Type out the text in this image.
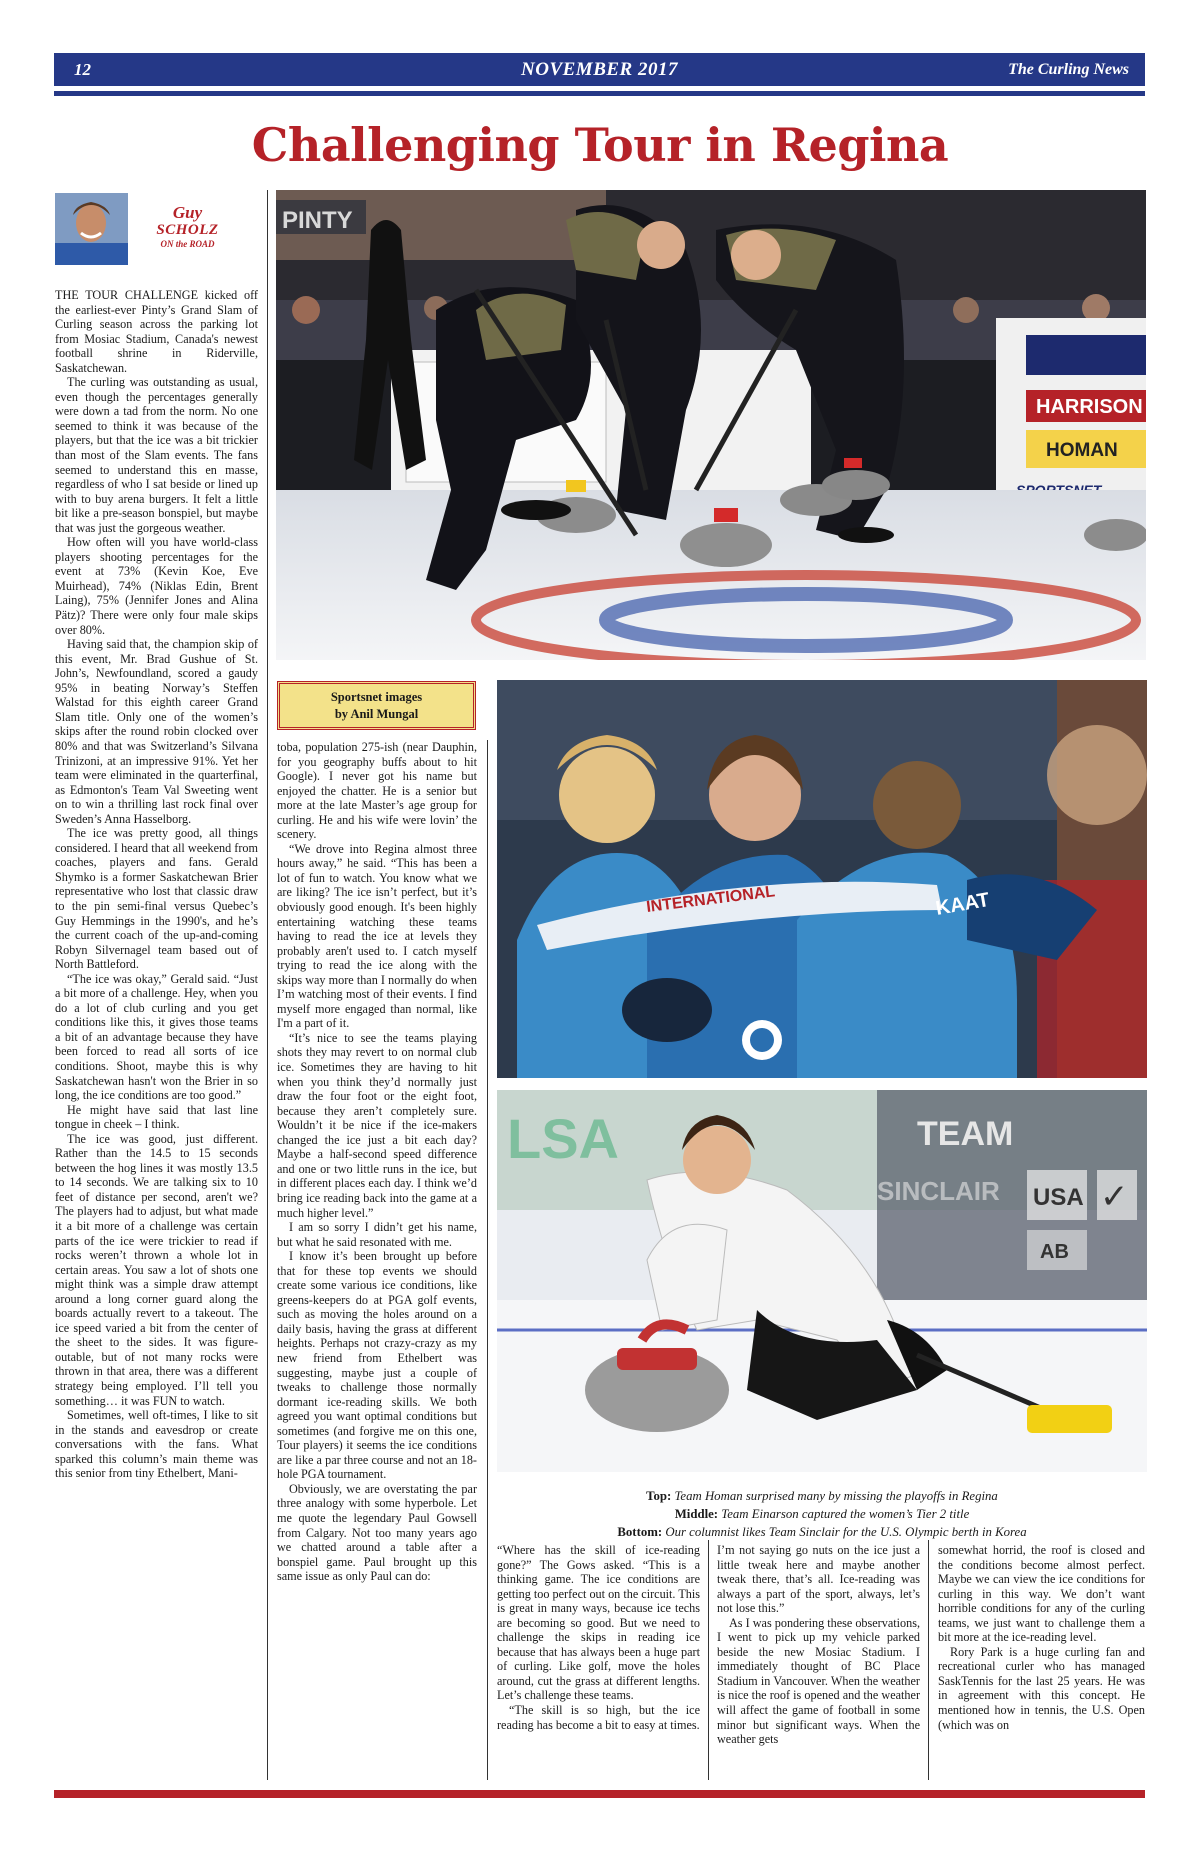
12	NOVEMBER 2017	The Curling News
Challenging Tour in Regina
Guy
SCHOLZ
ON the ROAD

THE TOUR CHALLENGE kicked off the earliest-ever Pinty’s Grand Slam of Curling season across the parking lot from Mosiac Stadium, Canada's newest football shrine in Riderville, Saskatchewan.

The curling was outstanding as usual, even though the percentages generally were down a tad from the norm. No one seemed to think it was because of the players, but that the ice was a bit trickier than most of the Slam events. The fans seemed to understand this en masse, regardless of who I sat beside or lined up with to buy arena burgers. It felt a little bit like a pre-season bonspiel, but maybe that was just the gorgeous weather.

How often will you have world-class players shooting percentages for the event at 73% (Kevin Koe, Eve Muirhead), 74% (Niklas Edin, Brent Laing), 75% (Jennifer Jones and Alina Pätz)? There were only four male skips over 80%.

Having said that, the champion skip of this event, Mr. Brad Gushue of St. John’s, Newfoundland, scored a gaudy 95% in beating Norway’s Steffen Walstad for this eighth career Grand Slam title. Only one of the women’s skips after the round robin clocked over 80% and that was Switzerland’s Silvana Trinizoni, at an impressive 91%. Yet her team were eliminated in the quarterfinal, as Edmonton's Team Val Sweeting went on to win a thrilling last rock final over Sweden’s Anna Hasselborg.

The ice was pretty good, all things considered. I heard that all weekend from coaches, players and fans. Gerald Shymko is a former Saskatchewan Brier representative who lost that classic draw to the pin semi-final versus Quebec’s Guy Hemmings in the 1990's, and he’s the current coach of the up-and-coming Robyn Silvernagel team based out of North Battleford.

“The ice was okay,” Gerald said. “Just a bit more of a challenge. Hey, when you do a lot of club curling and you get conditions like this, it gives those teams a bit of an advantage because they have been forced to read all sorts of ice conditions. Shoot, maybe this is why Saskatchewan hasn't won the Brier in so long, the ice conditions are too good.”

He might have said that last line tongue in cheek – I think.

The ice was good, just different. Rather than the 14.5 to 15 seconds between the hog lines it was mostly 13.5 to 14 seconds. We are talking six to 10 feet of distance per second, aren't we? The players had to adjust, but what made it a bit more of a challenge was certain parts of the ice were trickier to read if rocks weren’t thrown a whole lot in certain areas. You saw a lot of shots one might think was a simple draw attempt around a long corner guard along the boards actually revert to a takeout. The ice speed varied a bit from the center of the sheet to the sides. It was figure-outable, but of not many rocks were thrown in that area, there was a different strategy being employed. I’ll tell you something… it was FUN to watch.

Sometimes, well oft-times, I like to sit in the stands and eavesdrop or create conversations with the fans. What sparked this column’s main theme was this senior from tiny Ethelbert, Mani-

PINTY
HARRISON
HOMAN
Sportsnet images
by Anil Mungal

toba, population 275-ish (near Dauphin, for you geography buffs about to hit Google). I never got his name but enjoyed the chatter. He is a senior but more at the late Master’s age group for curling. He and his wife were lovin’ the scenery.

“We drove into Regina almost three hours away,” he said. “This has been a lot of fun to watch. You know what we are liking? The ice isn’t perfect, but it’s obviously good enough. It's been highly entertaining watching these teams having to read the ice at levels they probably aren't used to. I catch myself trying to read the ice along with the skips way more than I normally do when I’m watching most of their events. I find myself more engaged than normal, like I'm a part of it.

“It’s nice to see the teams playing shots they may revert to on normal club ice. Sometimes they are having to hit when you think they’d normally just draw the four foot or the eight foot, because they aren’t completely sure. Wouldn’t it be nice if the ice-makers changed the ice just a bit each day? Maybe a half-second speed difference and one or two little runs in the ice, but in different places each day. I think we’d bring ice reading back into the game at a much higher level.”

I am so sorry I didn’t get his name, but what he said resonated with me.

I know it’s been brought up before that for these top events we should create some various ice conditions, like greens-keepers do at PGA golf events, such as moving the holes around on a daily basis, having the grass at different heights. Perhaps not crazy-crazy as my new friend from Ethelbert was suggesting, maybe just a couple of tweaks to challenge those normally dormant ice-reading skills. We both agreed you want optimal conditions but sometimes (and forgive me on this one, Tour players) it seems the ice conditions are like a par three course and not an 18-hole PGA tournament.

Obviously, we are overstating the par three analogy with some hyperbole. Let me quote the legendary Paul Gowsell from Calgary. Not too many years ago we chatted around a table after a bonspiel game. Paul brought up this same issue as only Paul can do:

INTERNATIONAL	KAAT
LSA	TEAM
SINCLAIR USA ✓
AB
Top: Team Homan surprised many by missing the playoffs in Regina
Middle: Team Einarson captured the women’s Tier 2 title
Bottom: Our columnist likes Team Sinclair for the U.S. Olympic berth in Korea

“Where has the skill of ice-reading gone?” The Gows asked. “This is a thinking game. The ice conditions are getting too perfect out on the circuit. This is great in many ways, because ice techs are becoming so good. But we need to challenge the skips in reading ice because that has always been a huge part of curling. Like golf, move the holes around, cut the grass at different lengths. Let’s challenge these teams.

“The skill is so high, but the ice reading has become a bit to easy at times.

I’m not saying go nuts on the ice just a little tweak here and maybe another tweak there, that’s all. Ice-reading was always a part of the sport, always, let’s not lose this.”

As I was pondering these observations, I went to pick up my vehicle parked beside the new Mosiac Stadium. I immediately thought of BC Place Stadium in Vancouver. When the weather is nice the roof is opened and the weather will affect the game of football in some minor but significant ways. When the weather gets

somewhat horrid, the roof is closed and the conditions become almost perfect. Maybe we can view the ice conditions for curling in this way. We don’t want horrible conditions for any of the curling teams, we just want to challenge them a bit more at the ice-reading level.

Rory Park is a huge curling fan and recreational curler who has managed SaskTennis for the last 25 years. He was in agreement with this concept. He mentioned how in tennis, the U.S. Open (which was on
